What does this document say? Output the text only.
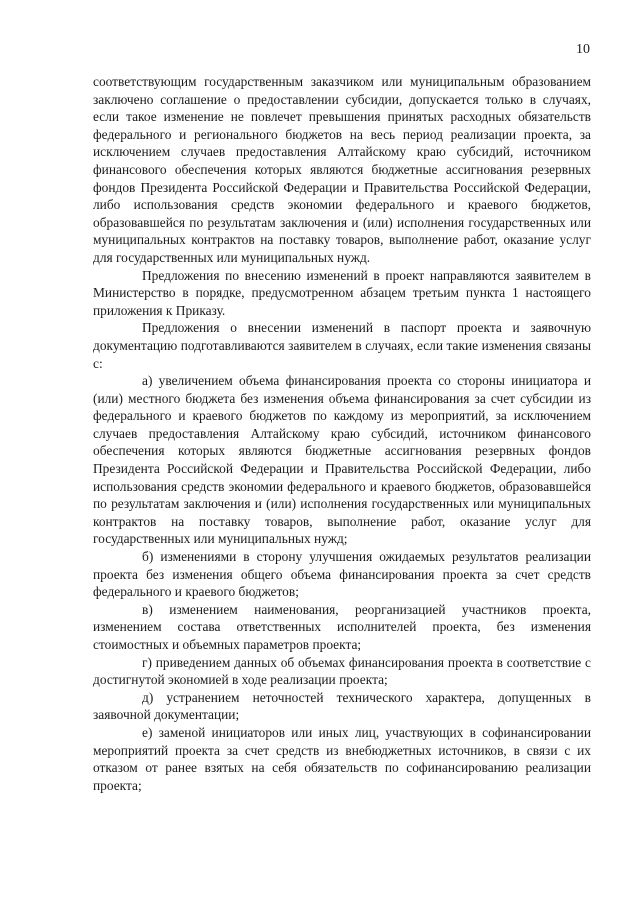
10

соответствующим государственным заказчиком или муниципальным образованием заключено соглашение о предоставлении субсидии, допускается только в случаях, если такое изменение не повлечет превышения принятых расходных обязательств федерального и регионального бюджетов на весь период реализации проекта, за исключением случаев предоставления Алтайскому краю субсидий, источником финансового обеспечения которых являются бюджетные ассигнования резервных фондов Президента Российской Федерации и Правительства Российской Федерации, либо использования средств экономии федерального и краевого бюджетов, образовавшейся по результатам заключения и (или) исполнения государственных или муниципальных контрактов на поставку товаров, выполнение работ, оказание услуг для государственных или муниципальных нужд.

Предложения по внесению изменений в проект направляются заявителем в Министерство в порядке, предусмотренном абзацем третьим пункта 1 настоящего приложения к Приказу.

Предложения о внесении изменений в паспорт проекта и заявочную документацию подготавливаются заявителем в случаях, если такие изменения связаны с:

а) увеличением объема финансирования проекта со стороны инициатора и (или) местного бюджета без изменения объема финансирования за счет субсидии из федерального и краевого бюджетов по каждому из мероприятий, за исключением случаев предоставления Алтайскому краю субсидий, источником финансового обеспечения которых являются бюджетные ассигнования резервных фондов Президента Российской Федерации и Правительства Российской Федерации, либо использования средств экономии федерального и краевого бюджетов, образовавшейся по результатам заключения и (или) исполнения государственных или муниципальных контрактов на поставку товаров, выполнение работ, оказание услуг для государственных или муниципальных нужд;

б) изменениями в сторону улучшения ожидаемых результатов реализации проекта без изменения общего объема финансирования проекта за счет средств федерального и краевого бюджетов;

в) изменением наименования, реорганизацией участников проекта, изменением состава ответственных исполнителей проекта, без изменения стоимостных и объемных параметров проекта;

г) приведением данных об объемах финансирования проекта в соответствие с достигнутой экономией в ходе реализации проекта;

д) устранением неточностей технического характера, допущенных в заявочной документации;

е) заменой инициаторов или иных лиц, участвующих в софинансировании мероприятий проекта за счет средств из внебюджетных источников, в связи с их отказом от ранее взятых на себя обязательств по софинансированию реализации проекта;
